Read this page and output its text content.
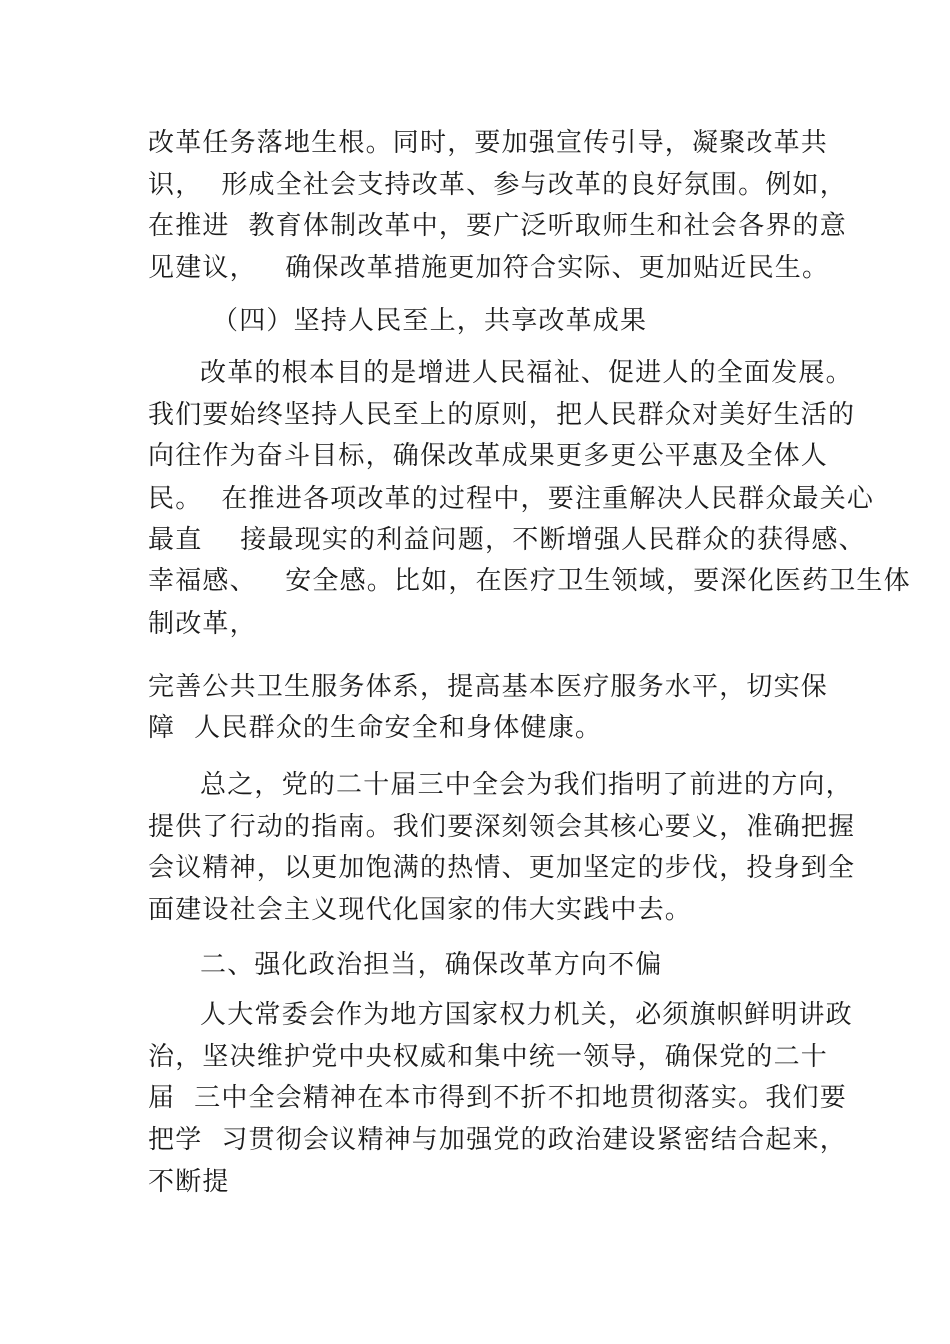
改革任务落地生根。同时，要加强宣传引导，凝聚改革共
识，  形成全社会支持改革、参与改革的良好氛围。例如，
在推进  教育体制改革中，要广泛听取师生和社会各界的意
见建议，   确保改革措施更加符合实际、更加贴近民生。
（四）坚持人民至上，共享改革成果
改革的根本目的是增进人民福祉、促进人的全面发展。
我们要始终坚持人民至上的原则，把人民群众对美好生活的
向往作为奋斗目标，确保改革成果更多更公平惠及全体人
民。  在推进各项改革的过程中，要注重解决人民群众最关心
最直    接最现实的利益问题，不断增强人民群众的获得感、
幸福感、   安全感。比如，在医疗卫生领域，要深化医药卫生体
制改革，
完善公共卫生服务体系，提高基本医疗服务水平，切实保
障  人民群众的生命安全和身体健康。
总之，党的二十届三中全会为我们指明了前进的方向，
提供了行动的指南。我们要深刻领会其核心要义，准确把握
会议精神，以更加饱满的热情、更加坚定的步伐，投身到全
面建设社会主义现代化国家的伟大实践中去。
二、强化政治担当，确保改革方向不偏
人大常委会作为地方国家权力机关，必须旗帜鲜明讲政
治，坚决维护党中央权威和集中统一领导，确保党的二十
届  三中全会精神在本市得到不折不扣地贯彻落实。我们要
把学  习贯彻会议精神与加强党的政治建设紧密结合起来，
不断提
